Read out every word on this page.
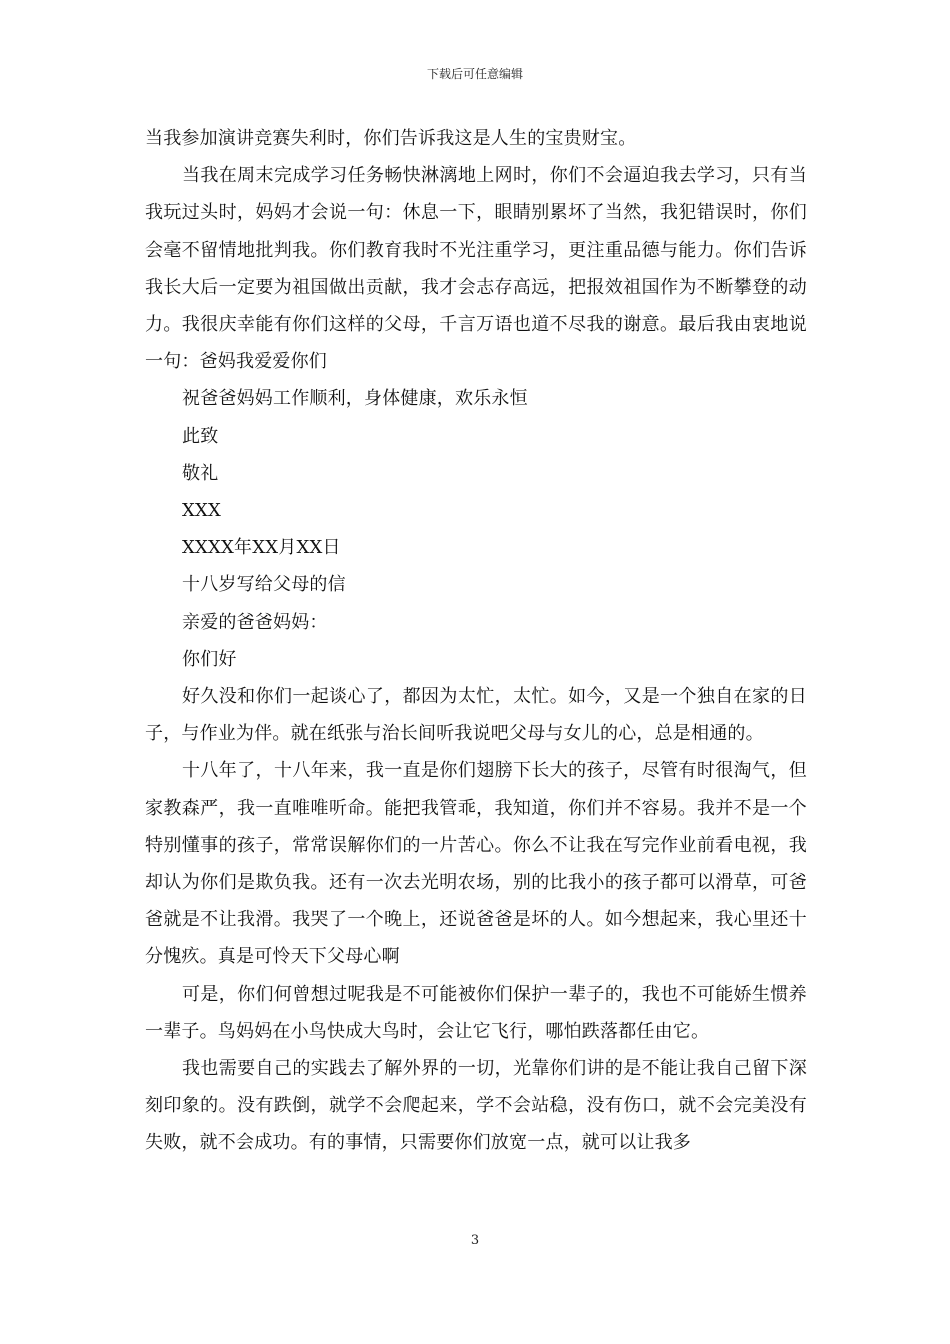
下载后可任意编辑

当我参加演讲竞赛失利时，你们告诉我这是人生的宝贵财宝。

当我在周末完成学习任务畅快淋漓地上网时，你们不会逼迫我去学习，只有当我玩过头时，妈妈才会说一句：休息一下，眼睛别累坏了当然，我犯错误时，你们会毫不留情地批判我。你们教育我时不光注重学习，更注重品德与能力。你们告诉我长大后一定要为祖国做出贡献，我才会志存高远，把报效祖国作为不断攀登的动力。我很庆幸能有你们这样的父母，千言万语也道不尽我的谢意。最后我由衷地说一句：爸妈我爱爱你们

祝爸爸妈妈工作顺利，身体健康，欢乐永恒

此致

敬礼

XXX

XXXX年XX月XX日

十八岁写给父母的信

亲爱的爸爸妈妈：

你们好

好久没和你们一起谈心了，都因为太忙，太忙。如今，又是一个独自在家的日子，与作业为伴。就在纸张与治长间听我说吧父母与女儿的心，总是相通的。

十八年了，十八年来，我一直是你们翅膀下长大的孩子，尽管有时很淘气，但家教森严，我一直唯唯听命。能把我管乖，我知道，你们并不容易。我并不是一个特别懂事的孩子，常常误解你们的一片苦心。你么不让我在写完作业前看电视，我却认为你们是欺负我。还有一次去光明农场，别的比我小的孩子都可以滑草，可爸爸就是不让我滑。我哭了一个晚上，还说爸爸是坏的人。如今想起来，我心里还十分愧疚。真是可怜天下父母心啊

可是，你们何曾想过呢我是不可能被你们保护一辈子的，我也不可能娇生惯养一辈子。鸟妈妈在小鸟快成大鸟时，会让它飞行，哪怕跌落都任由它。

我也需要自己的实践去了解外界的一切，光靠你们讲的是不能让我自己留下深刻印象的。没有跌倒，就学不会爬起来，学不会站稳，没有伤口，就不会完美没有失败，就不会成功。有的事情，只需要你们放宽一点，就可以让我多

3
